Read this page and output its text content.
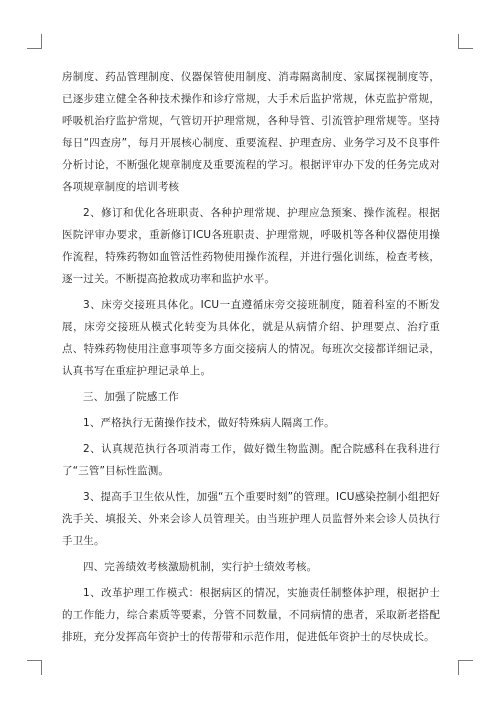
房制度、药品管理制度、仪器保管使用制度、消毒隔离制度、家属探视制度等，已逐步建立健全各种技术操作和诊疗常规，大手术后监护常规，休克监护常规，呼吸机治疗监护常规，气管切开护理常规，各种导管、引流管护理常规等。坚持每日“四查房”，每月开展核心制度、重要流程、护理查房、业务学习及不良事件分析讨论，不断强化规章制度及重要流程的学习。根据评审办下发的任务完成对各项规章制度的培训考核

2、修订和优化各班职责、各种护理常规、护理应急预案、操作流程。根据医院评审办要求，重新修订ICU各班职责、护理常规，呼吸机等各种仪器使用操作流程，特殊药物如血管活性药物使用操作流程，并进行强化训练，检查考核，逐一过关。不断提高抢救成功率和监护水平。

3、床旁交接班具体化。ICU一直遵循床旁交接班制度，随着科室的不断发展，床旁交接班从模式化转变为具体化，就是从病情介绍、护理要点、治疗重点、特殊药物使用注意事项等多方面交接病人的情况。每班次交接都详细记录，认真书写在重症护理记录单上。

三、加强了院感工作

1、严格执行无菌操作技术，做好特殊病人隔离工作。

2、认真规范执行各项消毒工作，做好微生物监测。配合院感科在我科进行了“三管”目标性监测。

3、提高手卫生依从性，加强“五个重要时刻”的管理。ICU感染控制小组把好洗手关、填报关、外来会诊人员管理关。由当班护理人员监督外来会诊人员执行手卫生。

四、完善绩效考核激励机制，实行护士绩效考核。

1、改革护理工作模式：根据病区的情况，实施责任制整体护理，根据护士的工作能力，综合素质等要素，分管不同数量，不同病情的患者，采取新老搭配排班，充分发挥高年资护士的传帮带和示范作用，促进低年资护士的尽快成长。
